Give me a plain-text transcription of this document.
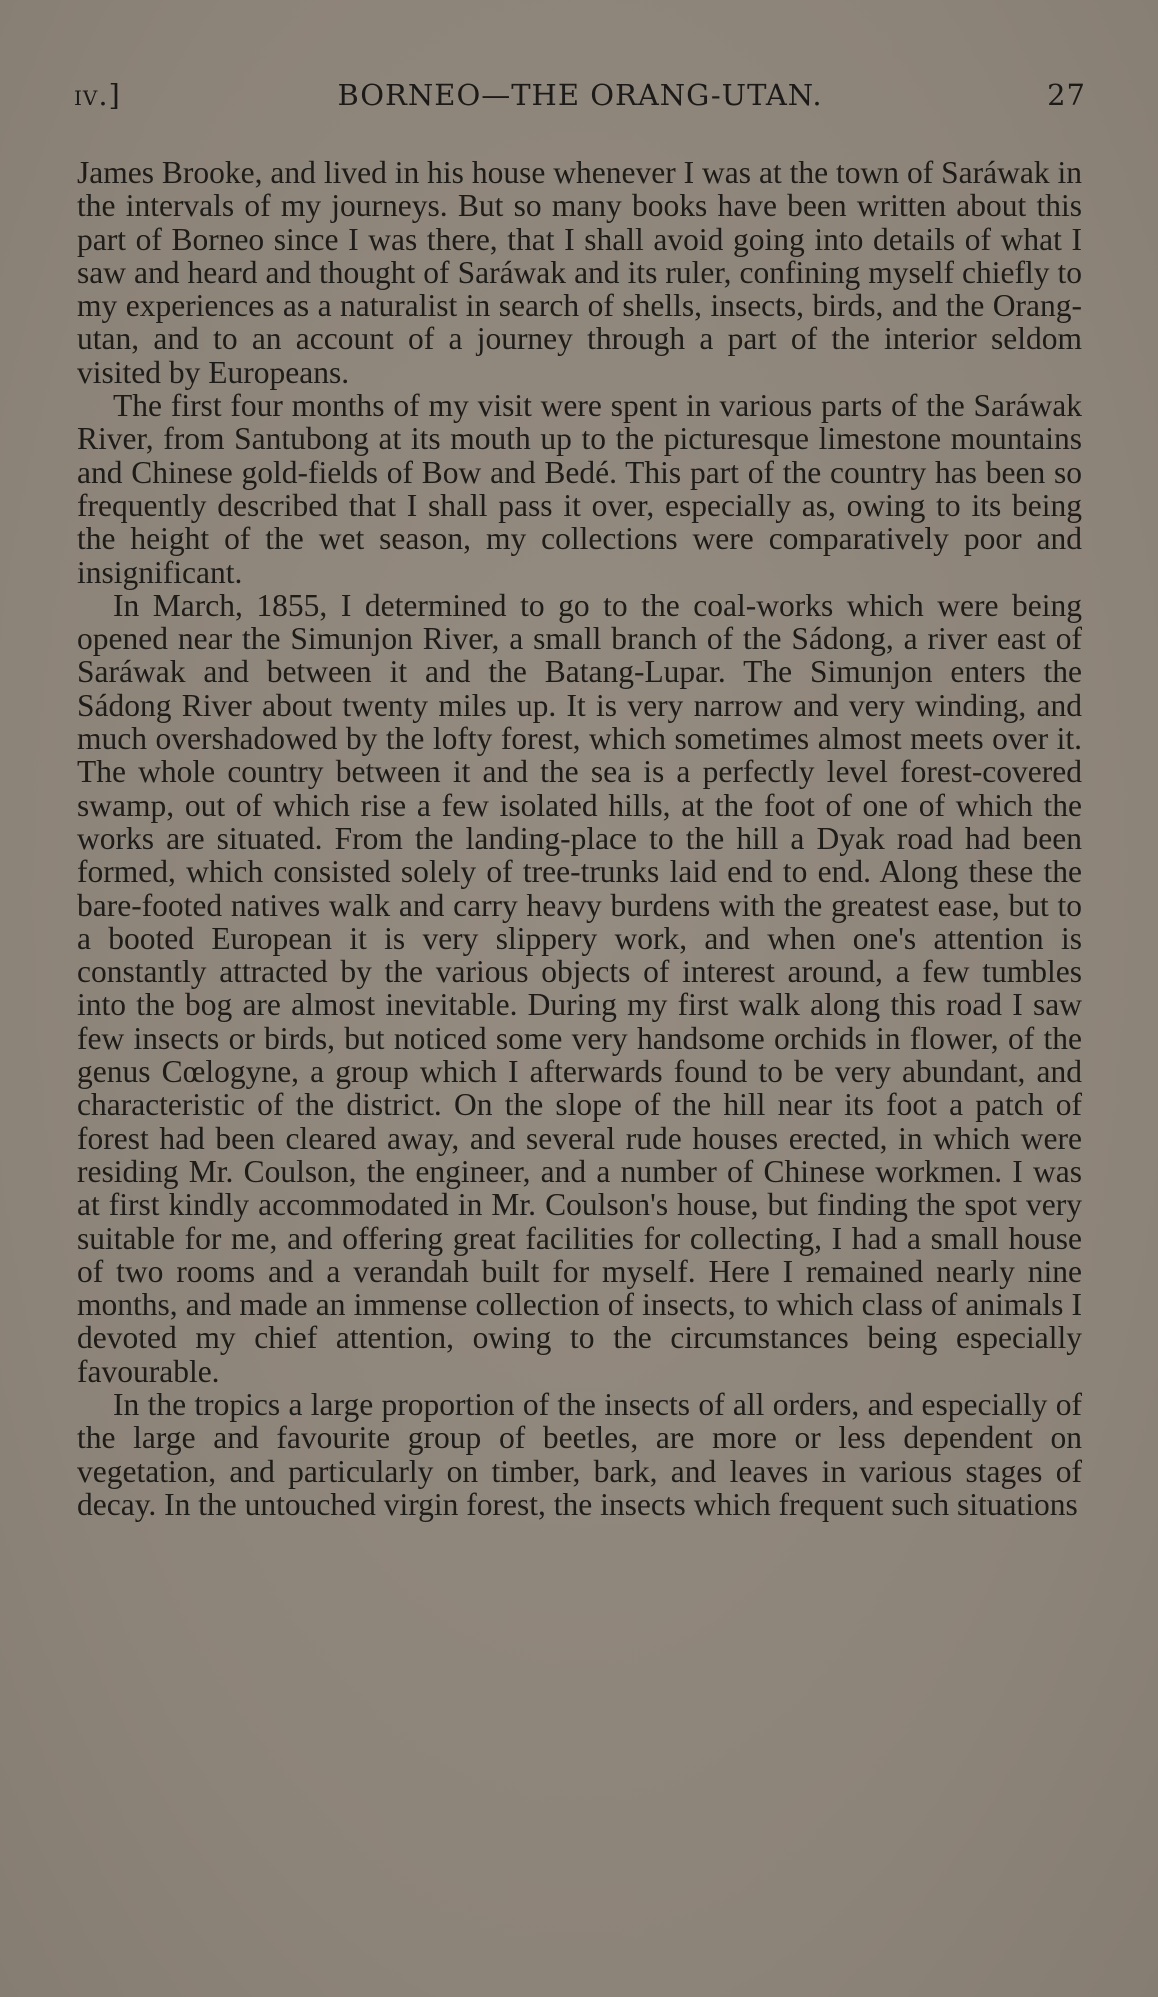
iv.]	BORNEO—THE ORANG-UTAN.	27

James Brooke, and lived in his house whenever I was at the town of Saráwak in the intervals of my journeys. But so many books have been written about this part of Borneo since I was there, that I shall avoid going into details of what I saw and heard and thought of Saráwak and its ruler, confining myself chiefly to my experiences as a naturalist in search of shells, insects, birds, and the Orang-utan, and to an account of a journey through a part of the interior seldom visited by Europeans.

The first four months of my visit were spent in various parts of the Saráwak River, from Santubong at its mouth up to the picturesque limestone mountains and Chinese gold-fields of Bow and Bedé. This part of the country has been so frequently described that I shall pass it over, especially as, owing to its being the height of the wet season, my collections were comparatively poor and insignificant.

In March, 1855, I determined to go to the coal-works which were being opened near the Simunjon River, a small branch of the Sádong, a river east of Saráwak and between it and the Batang-Lupar. The Simunjon enters the Sádong River about twenty miles up. It is very narrow and very winding, and much overshadowed by the lofty forest, which sometimes almost meets over it. The whole country between it and the sea is a perfectly level forest-covered swamp, out of which rise a few isolated hills, at the foot of one of which the works are situated. From the landing-place to the hill a Dyak road had been formed, which consisted solely of tree-trunks laid end to end. Along these the bare-footed natives walk and carry heavy burdens with the greatest ease, but to a booted European it is very slippery work, and when one's attention is constantly attracted by the various objects of interest around, a few tumbles into the bog are almost inevitable. During my first walk along this road I saw few insects or birds, but noticed some very handsome orchids in flower, of the genus Cœlogyne, a group which I afterwards found to be very abundant, and characteristic of the district. On the slope of the hill near its foot a patch of forest had been cleared away, and several rude houses erected, in which were residing Mr. Coulson, the engineer, and a number of Chinese workmen. I was at first kindly accommodated in Mr. Coulson's house, but finding the spot very suitable for me, and offering great facilities for collecting, I had a small house of two rooms and a verandah built for myself. Here I remained nearly nine months, and made an immense collection of insects, to which class of animals I devoted my chief attention, owing to the circumstances being especially favourable.

In the tropics a large proportion of the insects of all orders, and especially of the large and favourite group of beetles, are more or less dependent on vegetation, and particularly on timber, bark, and leaves in various stages of decay. In the untouched virgin forest, the insects which frequent such situations
